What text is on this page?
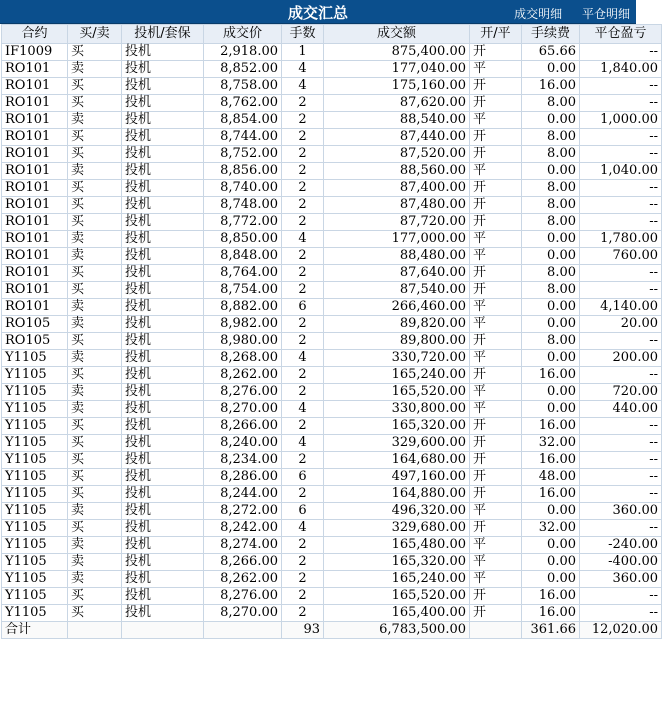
成交汇总	成交明细 平仓明细
合约	买/卖	投机/套保	成交价	手数	成交额	开/平	手续费	平仓盈亏
IF1009	买	投机	2,918.00	1	875,400.00	开	65.66	--
RO101	卖	投机	8,852.00	4	177,040.00	平	0.00	1,840.00
RO101	买	投机	8,758.00	4	175,160.00	开	16.00	--
RO101	买	投机	8,762.00	2	87,620.00	开	8.00	--
RO101	卖	投机	8,854.00	2	88,540.00	平	0.00	1,000.00
RO101	买	投机	8,744.00	2	87,440.00	开	8.00	--
RO101	买	投机	8,752.00	2	87,520.00	开	8.00	--
RO101	卖	投机	8,856.00	2	88,560.00	平	0.00	1,040.00
RO101	买	投机	8,740.00	2	87,400.00	开	8.00	--
RO101	买	投机	8,748.00	2	87,480.00	开	8.00	--
RO101	买	投机	8,772.00	2	87,720.00	开	8.00	--
RO101	卖	投机	8,850.00	4	177,000.00	平	0.00	1,780.00
RO101	卖	投机	8,848.00	2	88,480.00	平	0.00	760.00
RO101	买	投机	8,764.00	2	87,640.00	开	8.00	--
RO101	买	投机	8,754.00	2	87,540.00	开	8.00	--
RO101	卖	投机	8,882.00	6	266,460.00	平	0.00	4,140.00
RO105	卖	投机	8,982.00	2	89,820.00	平	0.00	20.00
RO105	买	投机	8,980.00	2	89,800.00	开	8.00	--
Y1105	卖	投机	8,268.00	4	330,720.00	平	0.00	200.00
Y1105	买	投机	8,262.00	2	165,240.00	开	16.00	--
Y1105	卖	投机	8,276.00	2	165,520.00	平	0.00	720.00
Y1105	卖	投机	8,270.00	4	330,800.00	平	0.00	440.00
Y1105	买	投机	8,266.00	2	165,320.00	开	16.00	--
Y1105	买	投机	8,240.00	4	329,600.00	开	32.00	--
Y1105	买	投机	8,234.00	2	164,680.00	开	16.00	--
Y1105	买	投机	8,286.00	6	497,160.00	开	48.00	--
Y1105	买	投机	8,244.00	2	164,880.00	开	16.00	--
Y1105	卖	投机	8,272.00	6	496,320.00	平	0.00	360.00
Y1105	买	投机	8,242.00	4	329,680.00	开	32.00	--
Y1105	卖	投机	8,274.00	2	165,480.00	平	0.00	-240.00
Y1105	卖	投机	8,266.00	2	165,320.00	平	0.00	-400.00
Y1105	卖	投机	8,262.00	2	165,240.00	平	0.00	360.00
Y1105	买	投机	8,276.00	2	165,520.00	开	16.00	--
Y1105	买	投机	8,270.00	2	165,400.00	开	16.00	--
合计				93	6,783,500.00		361.66	12,020.00
